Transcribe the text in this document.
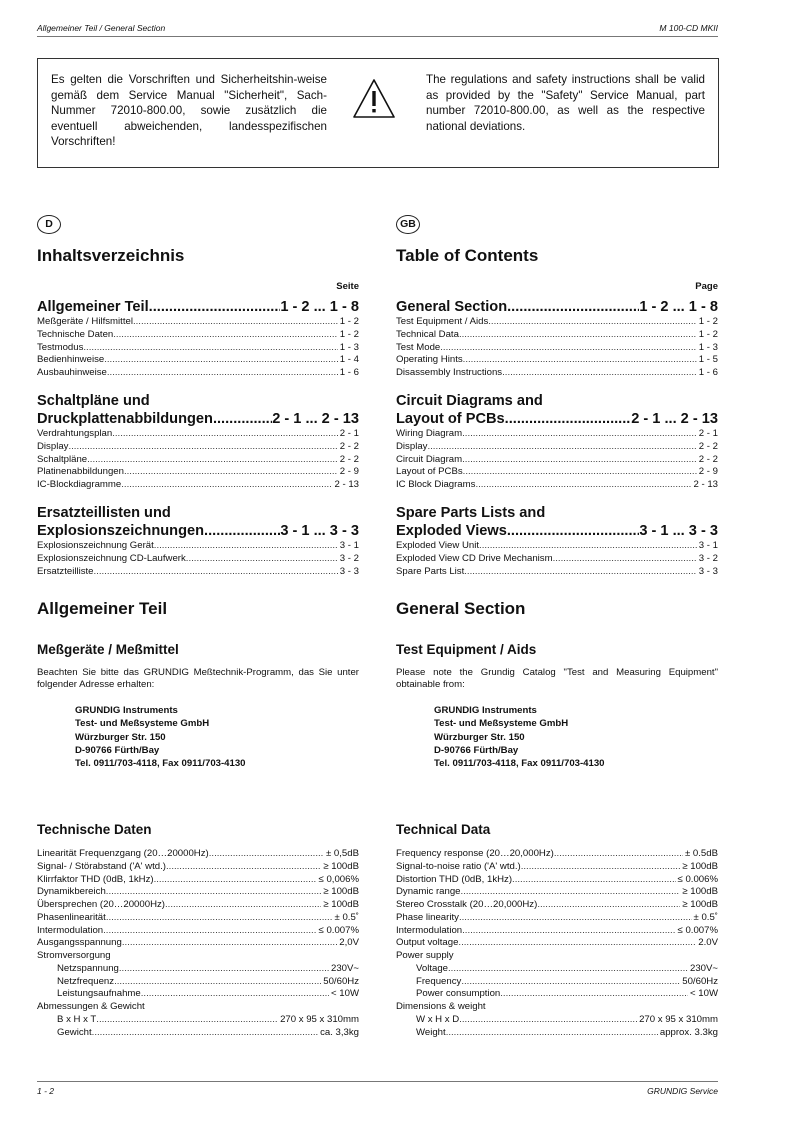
Allgemeiner Teil / General Section	M 100-CD MKII
Es gelten die Vorschriften und Sicherheitshin-weise gemäß dem Service Manual "Sicherheit", Sach-Nummer 72010-800.00, sowie zusätzlich die eventuell abweichenden, landesspezifischen Vorschriften!
The regulations and safety instructions shall be valid as provided by the "Safety" Service Manual, part number 72010-800.00, as well as the respective national deviations.
D
Inhaltsverzeichnis
Seite
Allgemeiner Teil .....	1 - 2 ... 1 - 8
Meßgeräte / Hilfsmittel .....	1 - 2
Technische Daten .....	1 - 2
Testmodus .....	1 - 3
Bedienhinweise .....	1 - 4
Ausbauhinweise .....	1 - 6
Schaltpläne und
Druckplattenabbildungen .....	2 - 1 ... 2 - 13
Verdrahtungsplan .....	2 - 1
Display .....	2 - 2
Schaltpläne .....	2 - 2
Platinenabbildungen .....	2 - 9
IC-Blockdiagramme .....	2 - 13
Ersatzteillisten und
Explosionszeichnungen .....	3 - 1 ... 3 - 3
Explosionszeichnung Gerät .....	3 - 1
Explosionszeichnung CD-Laufwerk .....	3 - 2
Ersatzteilliste .....	3 - 3
Allgemeiner Teil
Meßgeräte / Meßmittel
Beachten Sie bitte das GRUNDIG Meßtechnik-Programm, das Sie unter folgender Adresse erhalten:
GRUNDIG Instruments
Test- und Meßsysteme GmbH
Würzburger Str. 150
D-90766 Fürth/Bay
Tel. 0911/703-4118, Fax 0911/703-4130
Technische Daten
Linearität Frequenzgang (20…20000Hz) .....	± 0,5dB
Signal- / Störabstand ('A' wtd.) .....	≥ 100dB
Klirrfaktor THD (0dB, 1kHz) .....	≤ 0,006%
Dynamikbereich .....	≥ 100dB
Übersprechen (20…20000Hz) .....	≥ 100dB
Phasenlinearität .....	± 0.5˚
Intermodulation .....	≤ 0.007%
Ausgangsspannung .....	2,0V
Stromversorgung
Netzspannung .....	230V~
Netzfrequenz .....	50/60Hz
Leistungsaufnahme .....	< 10W
Abmessungen & Gewicht
B x H x T .....	270 x 95 x 310mm
Gewicht .....	ca. 3,3kg
GB
Table of Contents
Page
General Section .....	1 - 2 ... 1 - 8
Test Equipment / Aids .....	1 - 2
Technical Data .....	1 - 2
Test Mode .....	1 - 3
Operating Hints .....	1 - 5
Disassembly Instructions .....	1 - 6
Circuit Diagrams and
Layout of PCBs .....	2 - 1 ... 2 - 13
Wiring Diagram .....	2 - 1
Display .....	2 - 2
Circuit Diagram .....	2 - 2
Layout of PCBs .....	2 - 9
IC Block Diagrams .....	2 - 13
Spare Parts Lists and
Exploded Views .....	3 - 1 ... 3 - 3
Exploded View Unit .....	3 - 1
Exploded View CD Drive Mechanism .....	3 - 2
Spare Parts List .....	3 - 3
General Section
Test Equipment / Aids
Please note the Grundig Catalog "Test and Measuring Equipment" obtainable from:
GRUNDIG Instruments
Test- und Meßsysteme GmbH
Würzburger Str. 150
D-90766 Fürth/Bay
Tel. 0911/703-4118, Fax 0911/703-4130
Technical Data
Frequency response (20…20,000Hz) .....	± 0.5dB
Signal-to-noise ratio ('A' wtd.) .....	≥ 100dB
Distortion THD (0dB, 1kHz) .....	≤ 0.006%
Dynamic range .....	≥ 100dB
Stereo Crosstalk (20…20,000Hz) .....	≥ 100dB
Phase linearity .....	± 0.5˚
Intermodulation .....	≤ 0.007%
Output voltage .....	2.0V
Power supply
Voltage .....	230V~
Frequency .....	50/60Hz
Power consumption .....	< 10W
Dimensions & weight
W x H x D .....	270 x 95 x 310mm
Weight .....	approx. 3.3kg
1 - 2	GRUNDIG Service
